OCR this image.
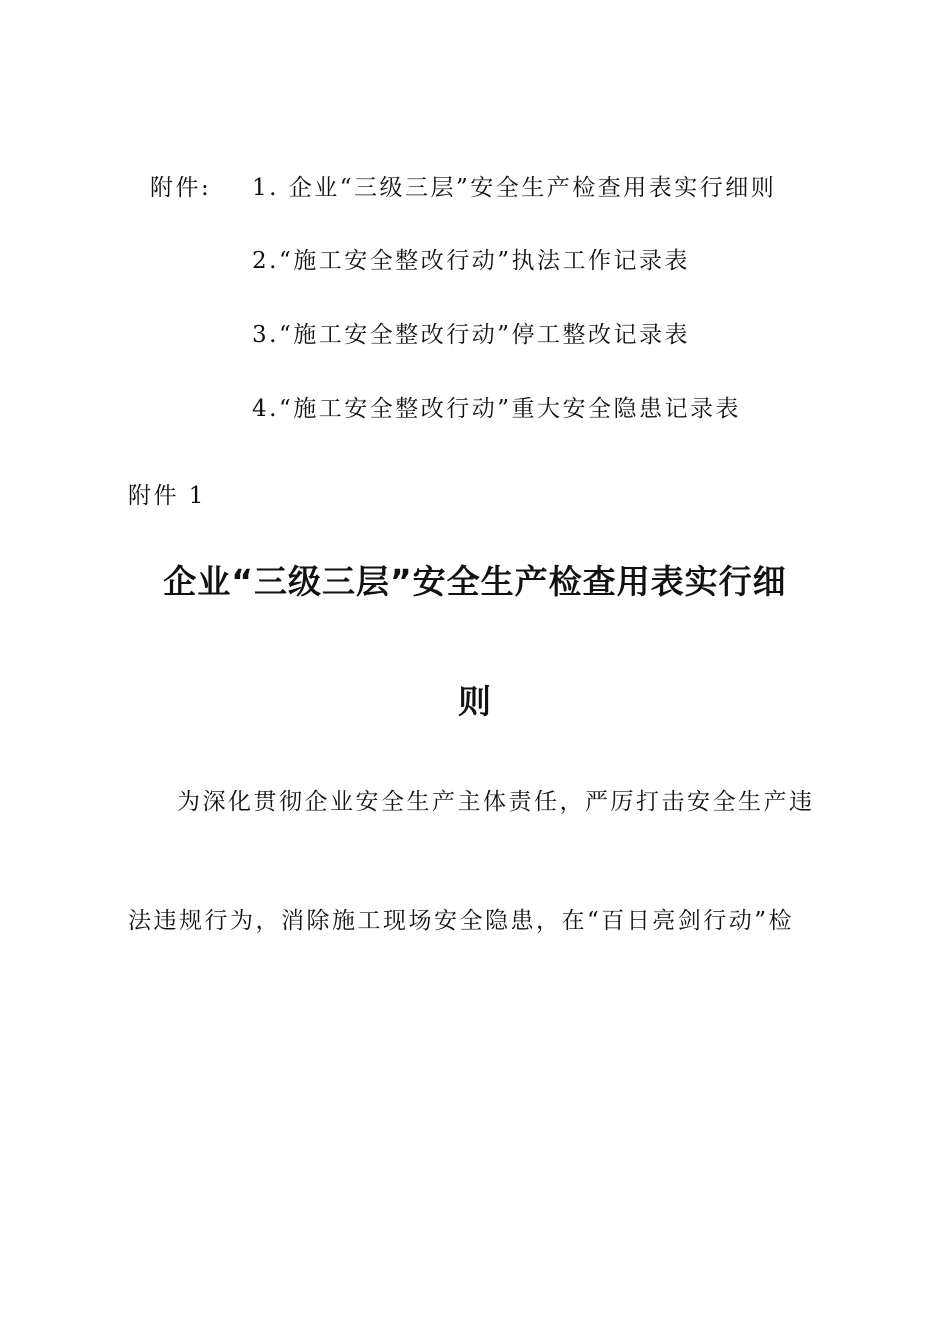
附件: 1. 企业“三级三层”安全生产检查用表实行细则
2.“施工安全整改行动”执法工作记录表
3.“施工安全整改行动”停工整改记录表
4.“施工安全整改行动”重大安全隐患记录表
附件 1
企业“三级三层”安全生产检查用表实行细
则
为深化贯彻企业安全生产主体责任，严厉打击安全生产违
法违规行为，消除施工现场安全隐患，在“百日亮剑行动”检
